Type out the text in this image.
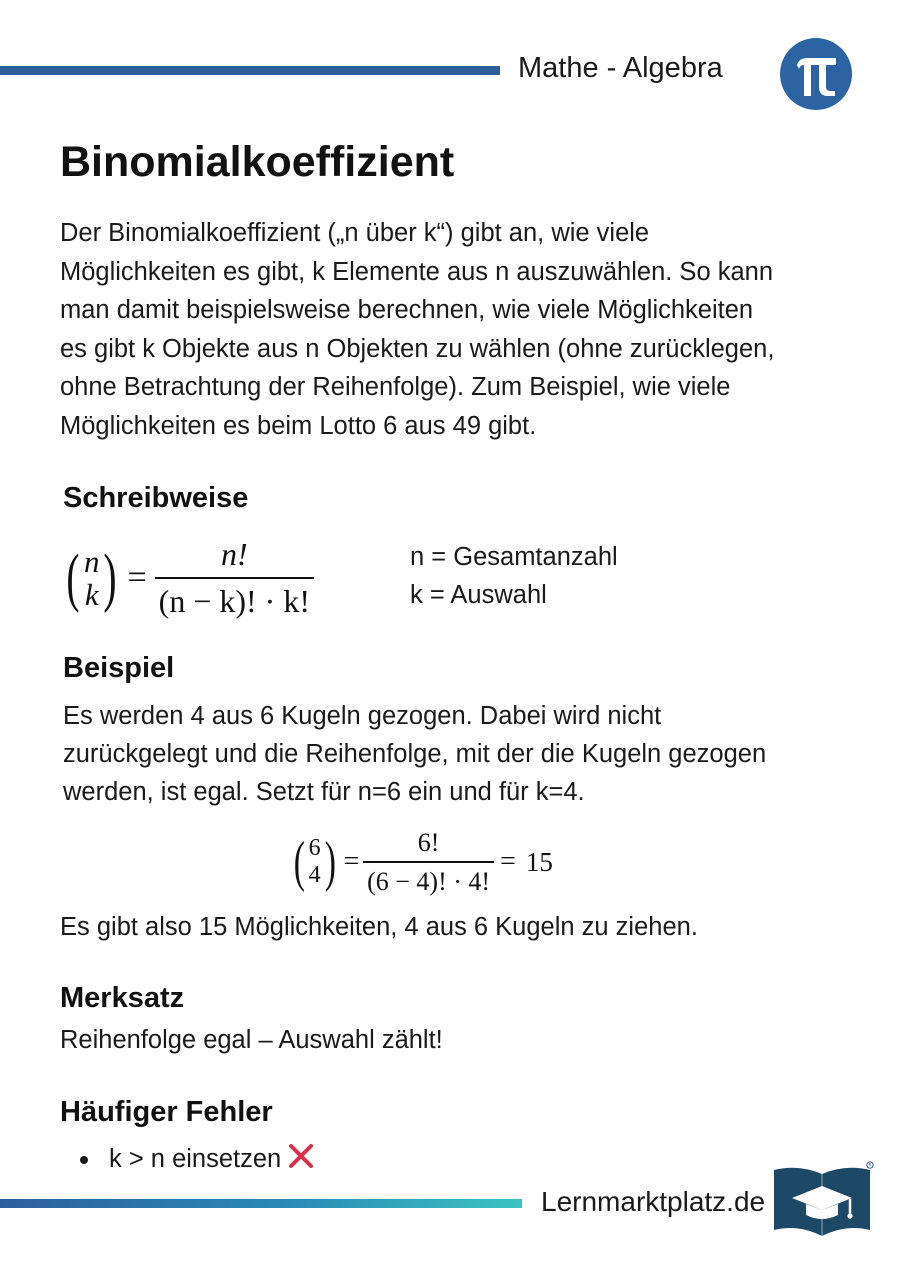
Mathe - Algebra
Binomialkoeffizient

Der Binomialkoeffizient („n über k“) gibt an, wie viele
Möglichkeiten es gibt, k Elemente aus n auszuwählen. So kann
man damit beispielsweise berechnen, wie viele Möglichkeiten
es gibt k Objekte aus n Objekten zu wählen (ohne zurücklegen,
ohne Betrachtung der Reihenfolge). Zum Beispiel, wie viele
Möglichkeiten es beim Lotto 6 aus 49 gibt.

Schreibweise
( n
k ) = $\frac{n!}{(n - k)! \cdot k!}$	n = Gesamtanzahl
k = Auswahl
Beispiel

Es werden 4 aus 6 Kugeln gezogen. Dabei wird nicht
zurückgelegt und die Reihenfolge, mit der die Kugeln gezogen
werden, ist egal. Setzt für n=6 ein und für k=4.

( 6
4 ) = $\frac{6!}{(6 - 4)! \cdot 4!} = 15$

Es gibt also 15 Möglichkeiten, 4 aus 6 Kugeln zu ziehen.

Merksatz

Reihenfolge egal – Auswahl zählt!

Häufiger Fehler
k > n einsetzen
Lernmarktplatz.de
R
